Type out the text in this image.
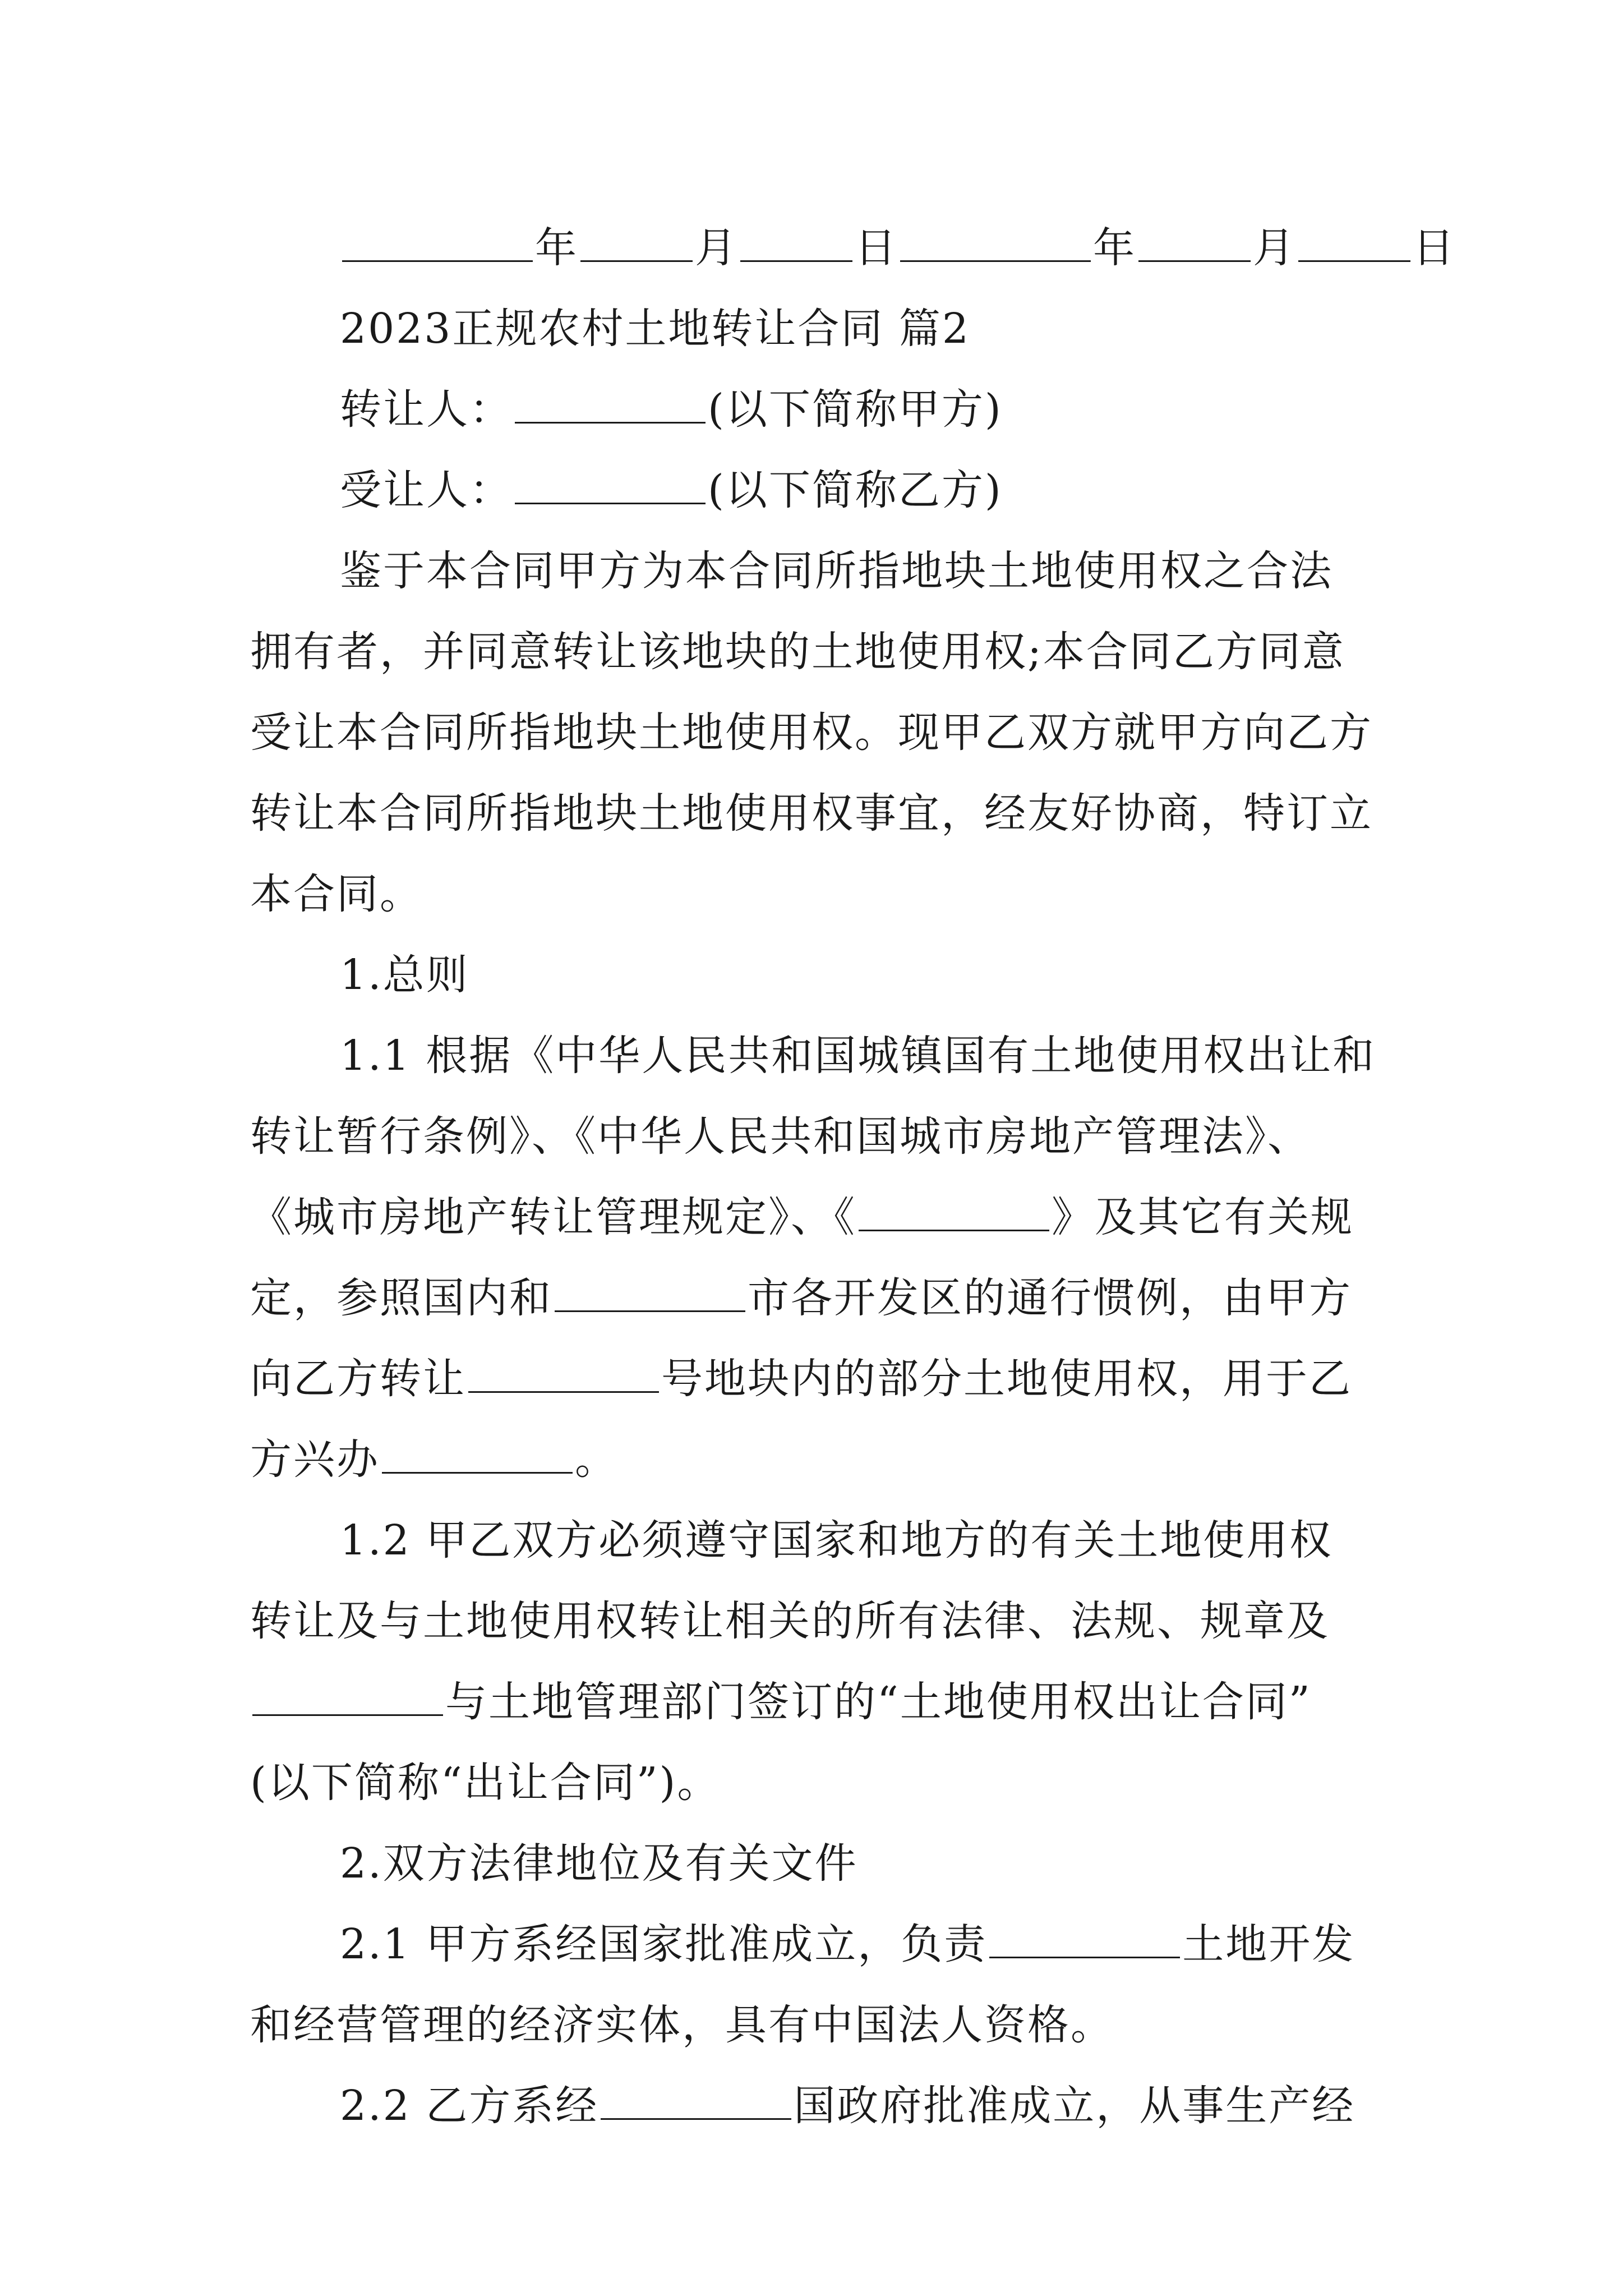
年	月	日	年	月	日
2023正规农村土地转让合同 篇2
转让人：	(以下简称甲方)
受让人：	(以下简称乙方)
鉴于本合同甲方为本合同所指地块土地使用权之合法
拥有者，并同意转让该地块的土地使用权;本合同乙方同意
受让本合同所指地块土地使用权。现甲乙双方就甲方向乙方
转让本合同所指地块土地使用权事宜，经友好协商，特订立
本合同。
1.总则
1.1 根据《中华人民共和国城镇国有土地使用权出让和
转让暂行条例》、《中华人民共和国城市房地产管理法》、
《城市房地产转让管理规定》、《	》及其它有关规
定，参照国内和	市各开发区的通行惯例，由甲方
向乙方转让	号地块内的部分土地使用权，用于乙
方兴办	。
1.2 甲乙双方必须遵守国家和地方的有关土地使用权
转让及与土地使用权转让相关的所有法律、法规、规章及
与土地管理部门签订的“土地使用权出让合同”
(以下简称“出让合同”)。
2.双方法律地位及有关文件
2.1 甲方系经国家批准成立，负责	土地开发
和经营管理的经济实体，具有中国法人资格。
2.2 乙方系经	国政府批准成立，从事生产经
